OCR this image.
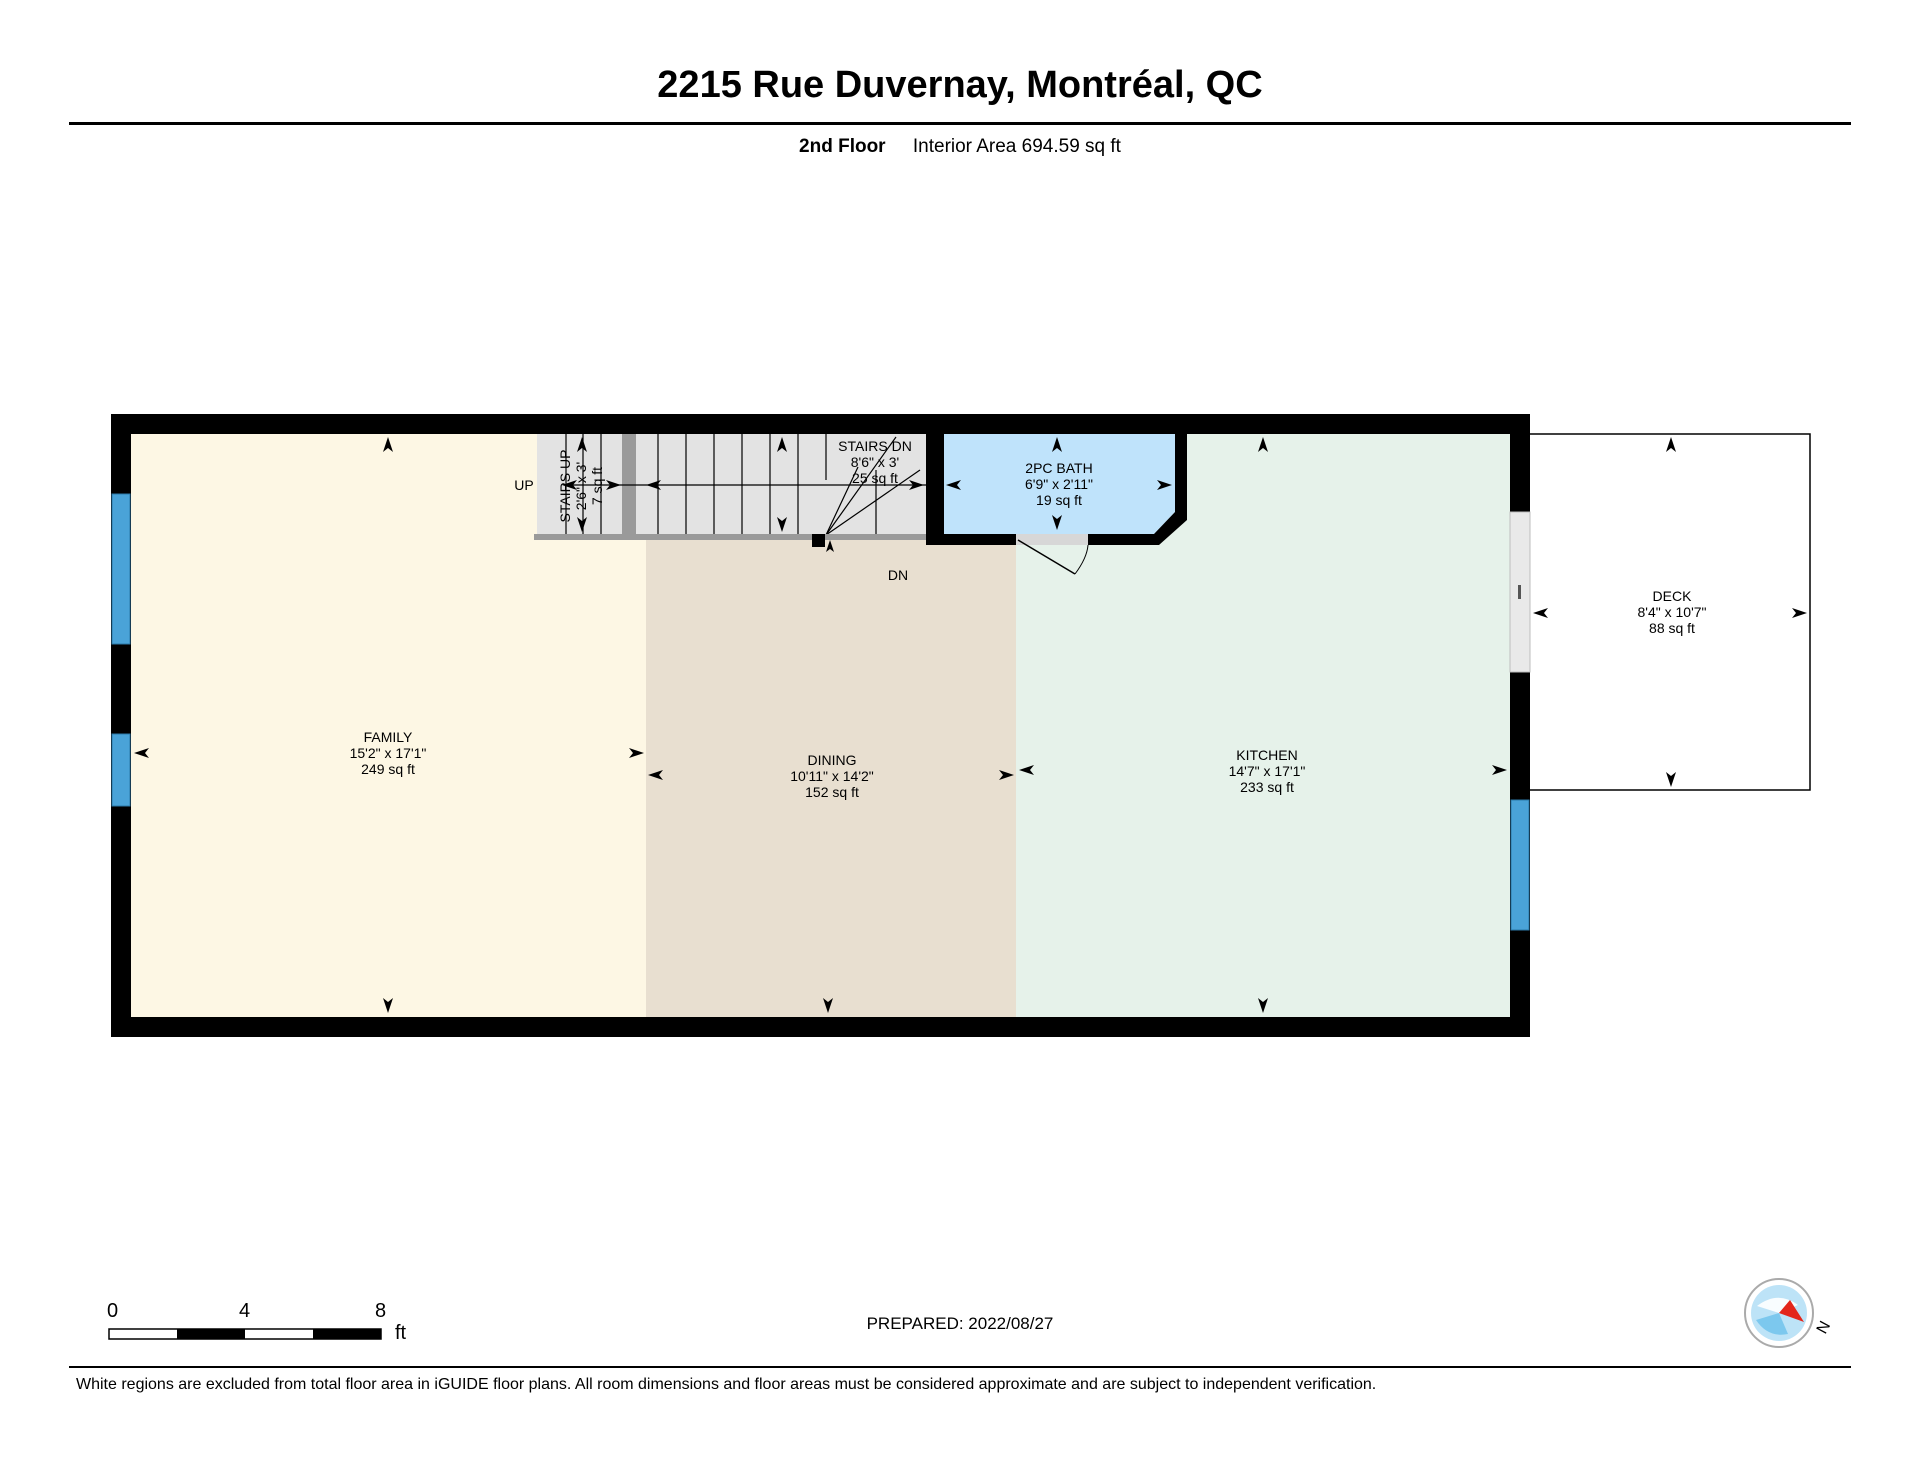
2215 Rue Duvernay, Montréal, QC
2nd Floor Interior Area 694.59 sq ft
FAMILY
15'2" x 17'1"
249 sq ft
DINING
10'11" x 14'2"
152 sq ft
KITCHEN
14'7" x 17'1"
233 sq ft
2PC BATH
6'9" x 2'11"
19 sq ft
DECK
8'4" x 10'7"
88 sq ft
STAIRS DN
8'6" x 3'
25 sq ft
STAIRS UP 2'6" x 3' 7 sq ft
UP
DN
N
0	4	8
ft	PREPARED: 2022/08/27
White regions are excluded from total floor area in iGUIDE floor plans. All room dimensions and floor areas must be considered approximate and are subject to independent verification.
